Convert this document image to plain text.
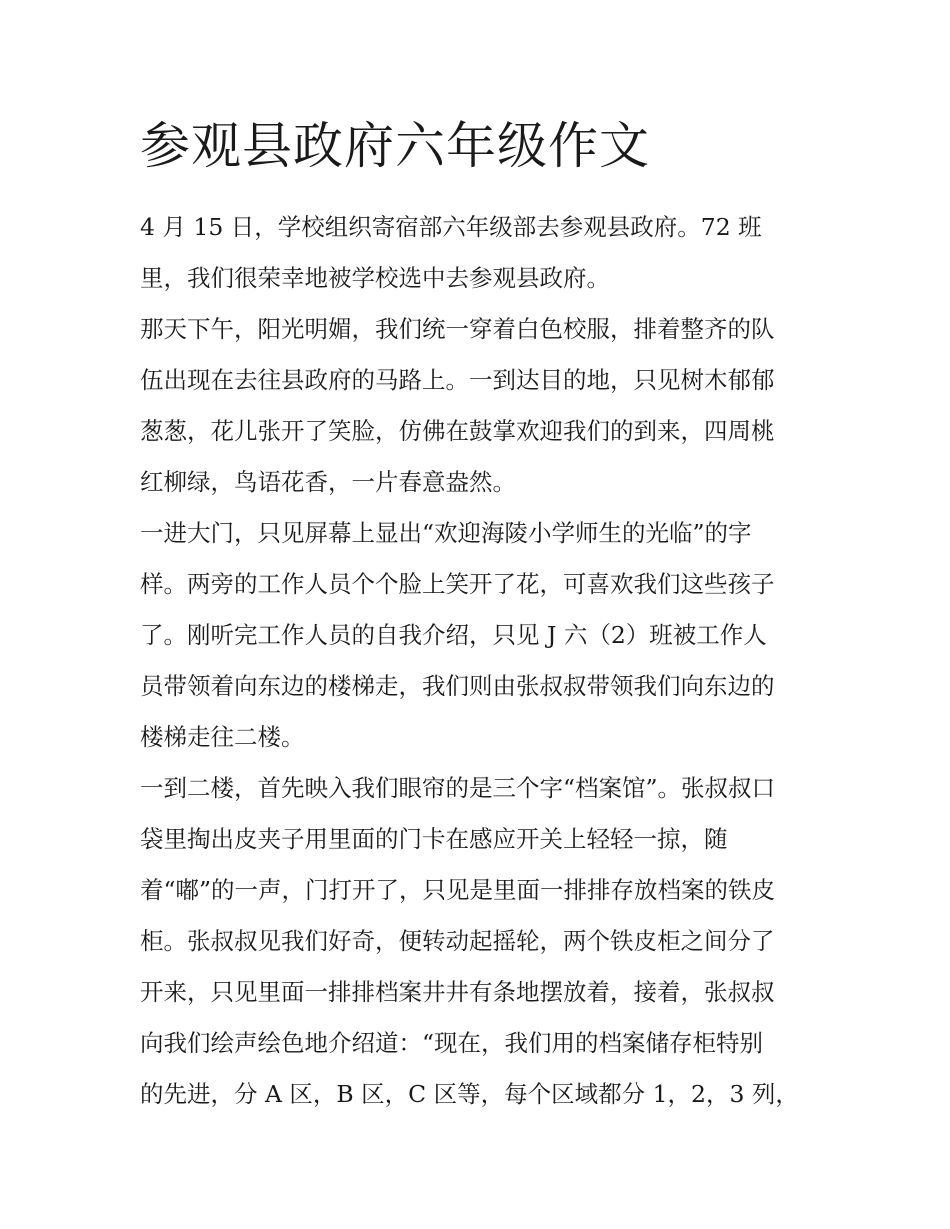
参观县政府六年级作文
4 月 15 日，学校组织寄宿部六年级部去参观县政府。72 班
里，我们很荣幸地被学校选中去参观县政府。
那天下午，阳光明媚，我们统一穿着白色校服，排着整齐的队
伍出现在去往县政府的马路上。一到达目的地，只见树木郁郁
葱葱，花儿张开了笑脸，仿佛在鼓掌欢迎我们的到来，四周桃
红柳绿，鸟语花香，一片春意盎然。
一进大门，只见屏幕上显出“欢迎海陵小学师生的光临”的字
样。两旁的工作人员个个脸上笑开了花，可喜欢我们这些孩子
了。刚听完工作人员的自我介绍，只见 J 六（2）班被工作人
员带领着向东边的楼梯走，我们则由张叔叔带领我们向东边的
楼梯走往二楼。
一到二楼，首先映入我们眼帘的是三个字“档案馆”。张叔叔口
袋里掏出皮夹子用里面的门卡在感应开关上轻轻一掠，随
着“嘟”的一声，门打开了，只见是里面一排排存放档案的铁皮
柜。张叔叔见我们好奇，便转动起摇轮，两个铁皮柜之间分了
开来，只见里面一排排档案井井有条地摆放着，接着，张叔叔
向我们绘声绘色地介绍道：“现在，我们用的档案储存柜特别
的先进，分 A 区，B 区，C 区等，每个区域都分 1，2，3 列，
